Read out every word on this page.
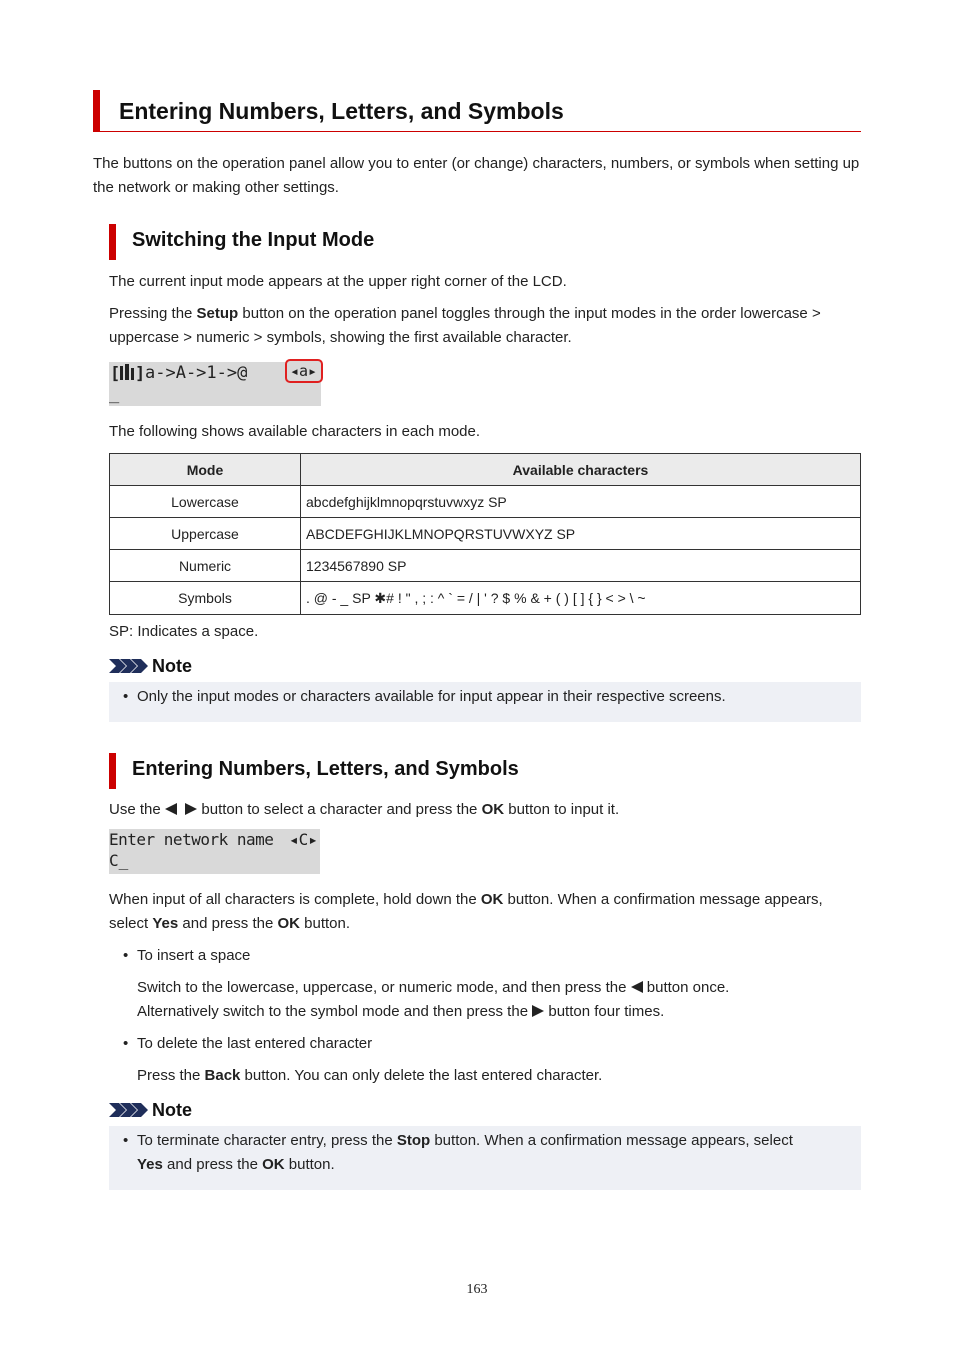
Entering Numbers, Letters, and Symbols
The buttons on the operation panel allow you to enter (or change) characters, numbers, or symbols when setting up the network or making other settings.
Switching the Input Mode
The current input mode appears at the upper right corner of the LCD.
Pressing the Setup button on the operation panel toggles through the input modes in the order lowercase > uppercase > numeric > symbols, showing the first available character.
[ ] a->A->1->@
_
◂a▸
The following shows available characters in each mode.
Mode	Available characters
Lowercase	abcdefghijklmnopqrstuvwxyz SP
Uppercase	ABCDEFGHIJKLMNOPQRSTUVWXYZ SP
Numeric	1234567890 SP
Symbols	. @ - _ SP ✱# ! " , ; : ^ ` = / | ' ? $ % & + ( ) [ ] { } < > \ ~
SP: Indicates a space.
Note
• Only the input modes or characters available for input appear in their respective screens.
Entering Numbers, Letters, and Symbols
Use the    button to select a character and press the OK button to input it.
Enter network name ◂C▸
C_
When input of all characters is complete, hold down the OK button. When a confirmation message appears, select Yes and press the OK button.
• To insert a space
Switch to the lowercase, uppercase, or numeric mode, and then press the  button once.
Alternatively switch to the symbol mode and then press the  button four times.
• To delete the last entered character
Press the Back button. You can only delete the last entered character.
Note
• To terminate character entry, press the Stop button. When a confirmation message appears, select
Yes and press the OK button.
163
